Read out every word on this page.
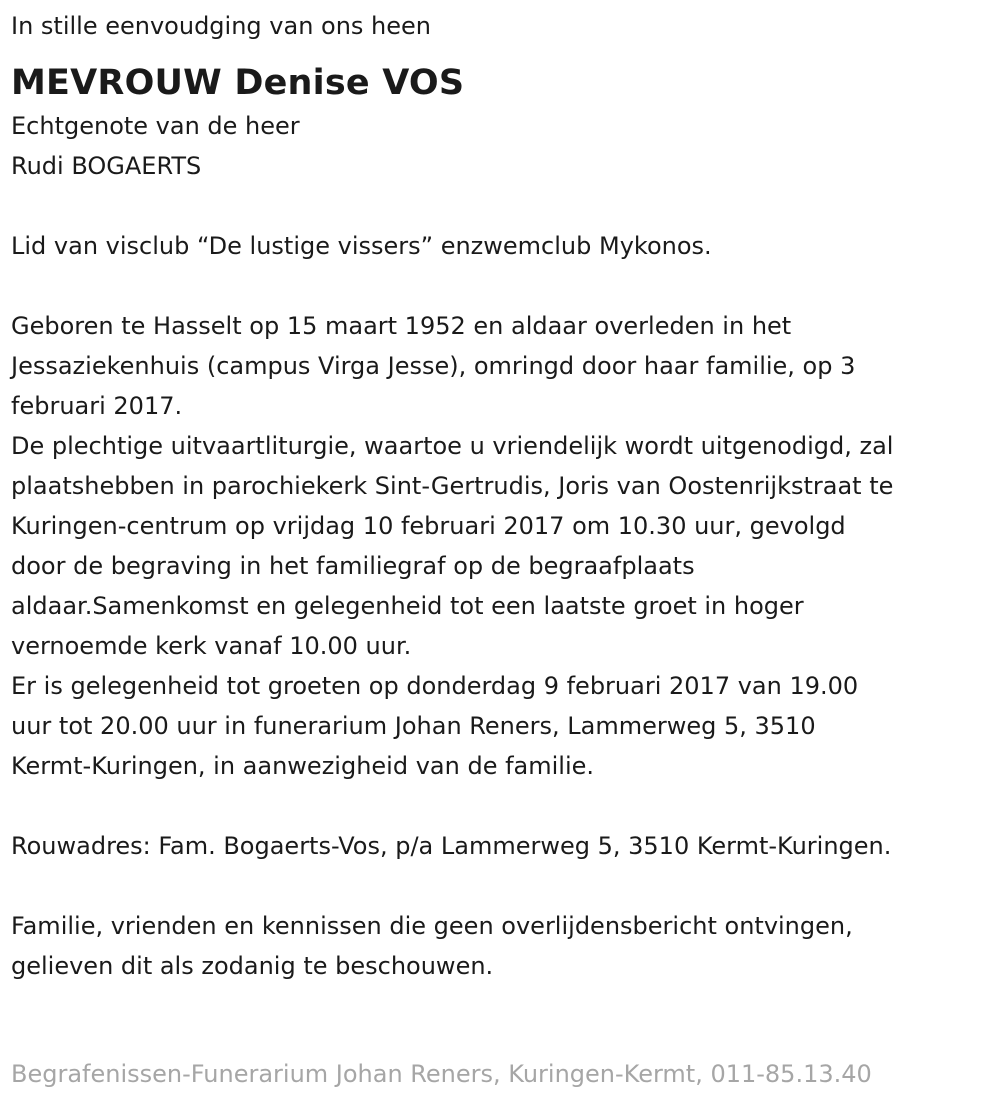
In stille eenvoudging van ons heen

MEVROUW Denise VOS

Echtgenote van de heer

Rudi BOGAERTS

Lid van visclub “De lustige vissers” enzwemclub Mykonos.

Geboren te Hasselt op 15 maart 1952 en aldaar overleden in het

Jessaziekenhuis (campus Virga Jesse), omringd door haar familie, op 3

februari 2017.

De plechtige uitvaartliturgie, waartoe u vriendelijk wordt uitgenodigd, zal

plaatshebben in parochiekerk Sint-Gertrudis, Joris van Oostenrijkstraat te

Kuringen-centrum op vrijdag 10 februari 2017 om 10.30 uur, gevolgd

door de begraving in het familiegraf op de begraafplaats

aldaar.Samenkomst en gelegenheid tot een laatste groet in hoger

vernoemde kerk vanaf 10.00 uur.

Er is gelegenheid tot groeten op donderdag 9 februari 2017 van 19.00

uur tot 20.00 uur in funerarium Johan Reners, Lammerweg 5, 3510

Kermt-Kuringen, in aanwezigheid van de familie.

Rouwadres: Fam. Bogaerts-Vos, p/a Lammerweg 5, 3510 Kermt-Kuringen.

Familie, vrienden en kennissen die geen overlijdensbericht ontvingen,

gelieven dit als zodanig te beschouwen.

Begrafenissen-Funerarium Johan Reners, Kuringen-Kermt, 011-85.13.40
